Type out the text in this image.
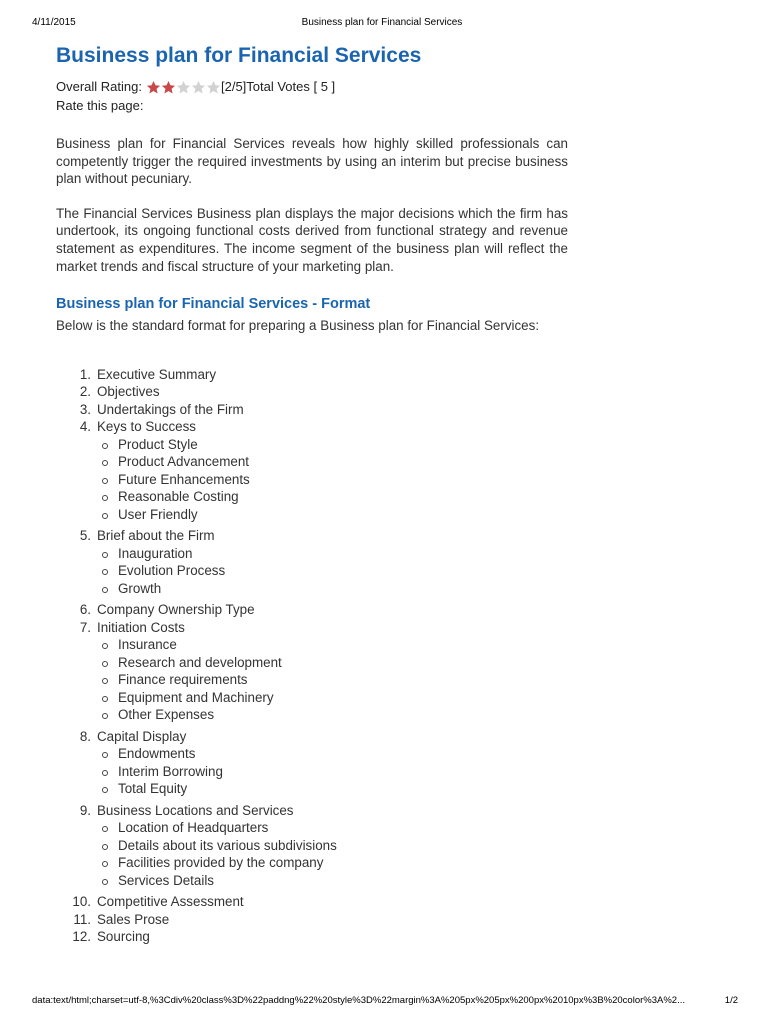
4/11/2015	Business plan for Financial Services
Business plan for Financial Services
Overall Rating:	[2/5]Total Votes [ 5 ]
Rate this page:

Business plan for Financial Services reveals how highly skilled professionals can competently trigger the required investments by using an interim but precise business plan without pecuniary.

The Financial Services Business plan displays the major decisions which the firm has undertook, its ongoing functional costs derived from functional strategy and revenue statement as expenditures. The income segment of the business plan will reflect the market trends and fiscal structure of your marketing plan.

Business plan for Financial Services - Format

Below is the standard format for preparing a Business plan for Financial Services:

1. Executive Summary
2. Objectives
3. Undertakings of the Firm
4. Keys to Success
Product Style
Product Advancement
Future Enhancements
Reasonable Costing
User Friendly
5. Brief about the Firm
Inauguration
Evolution Process
Growth
6. Company Ownership Type
7. Initiation Costs
Insurance
Research and development
Finance requirements
Equipment and Machinery
Other Expenses
8. Capital Display
Endowments
Interim Borrowing
Total Equity
9. Business Locations and Services
Location of Headquarters
Details about its various subdivisions
Facilities provided by the company
Services Details
10. Competitive Assessment
11. Sales Prose
12. Sourcing
data:text/html;charset=utf-8,%3Cdiv%20class%3D%22paddng%22%20style%3D%22margin%3A%205px%205px%200px%2010px%3B%20color%3A%2...	1/2
